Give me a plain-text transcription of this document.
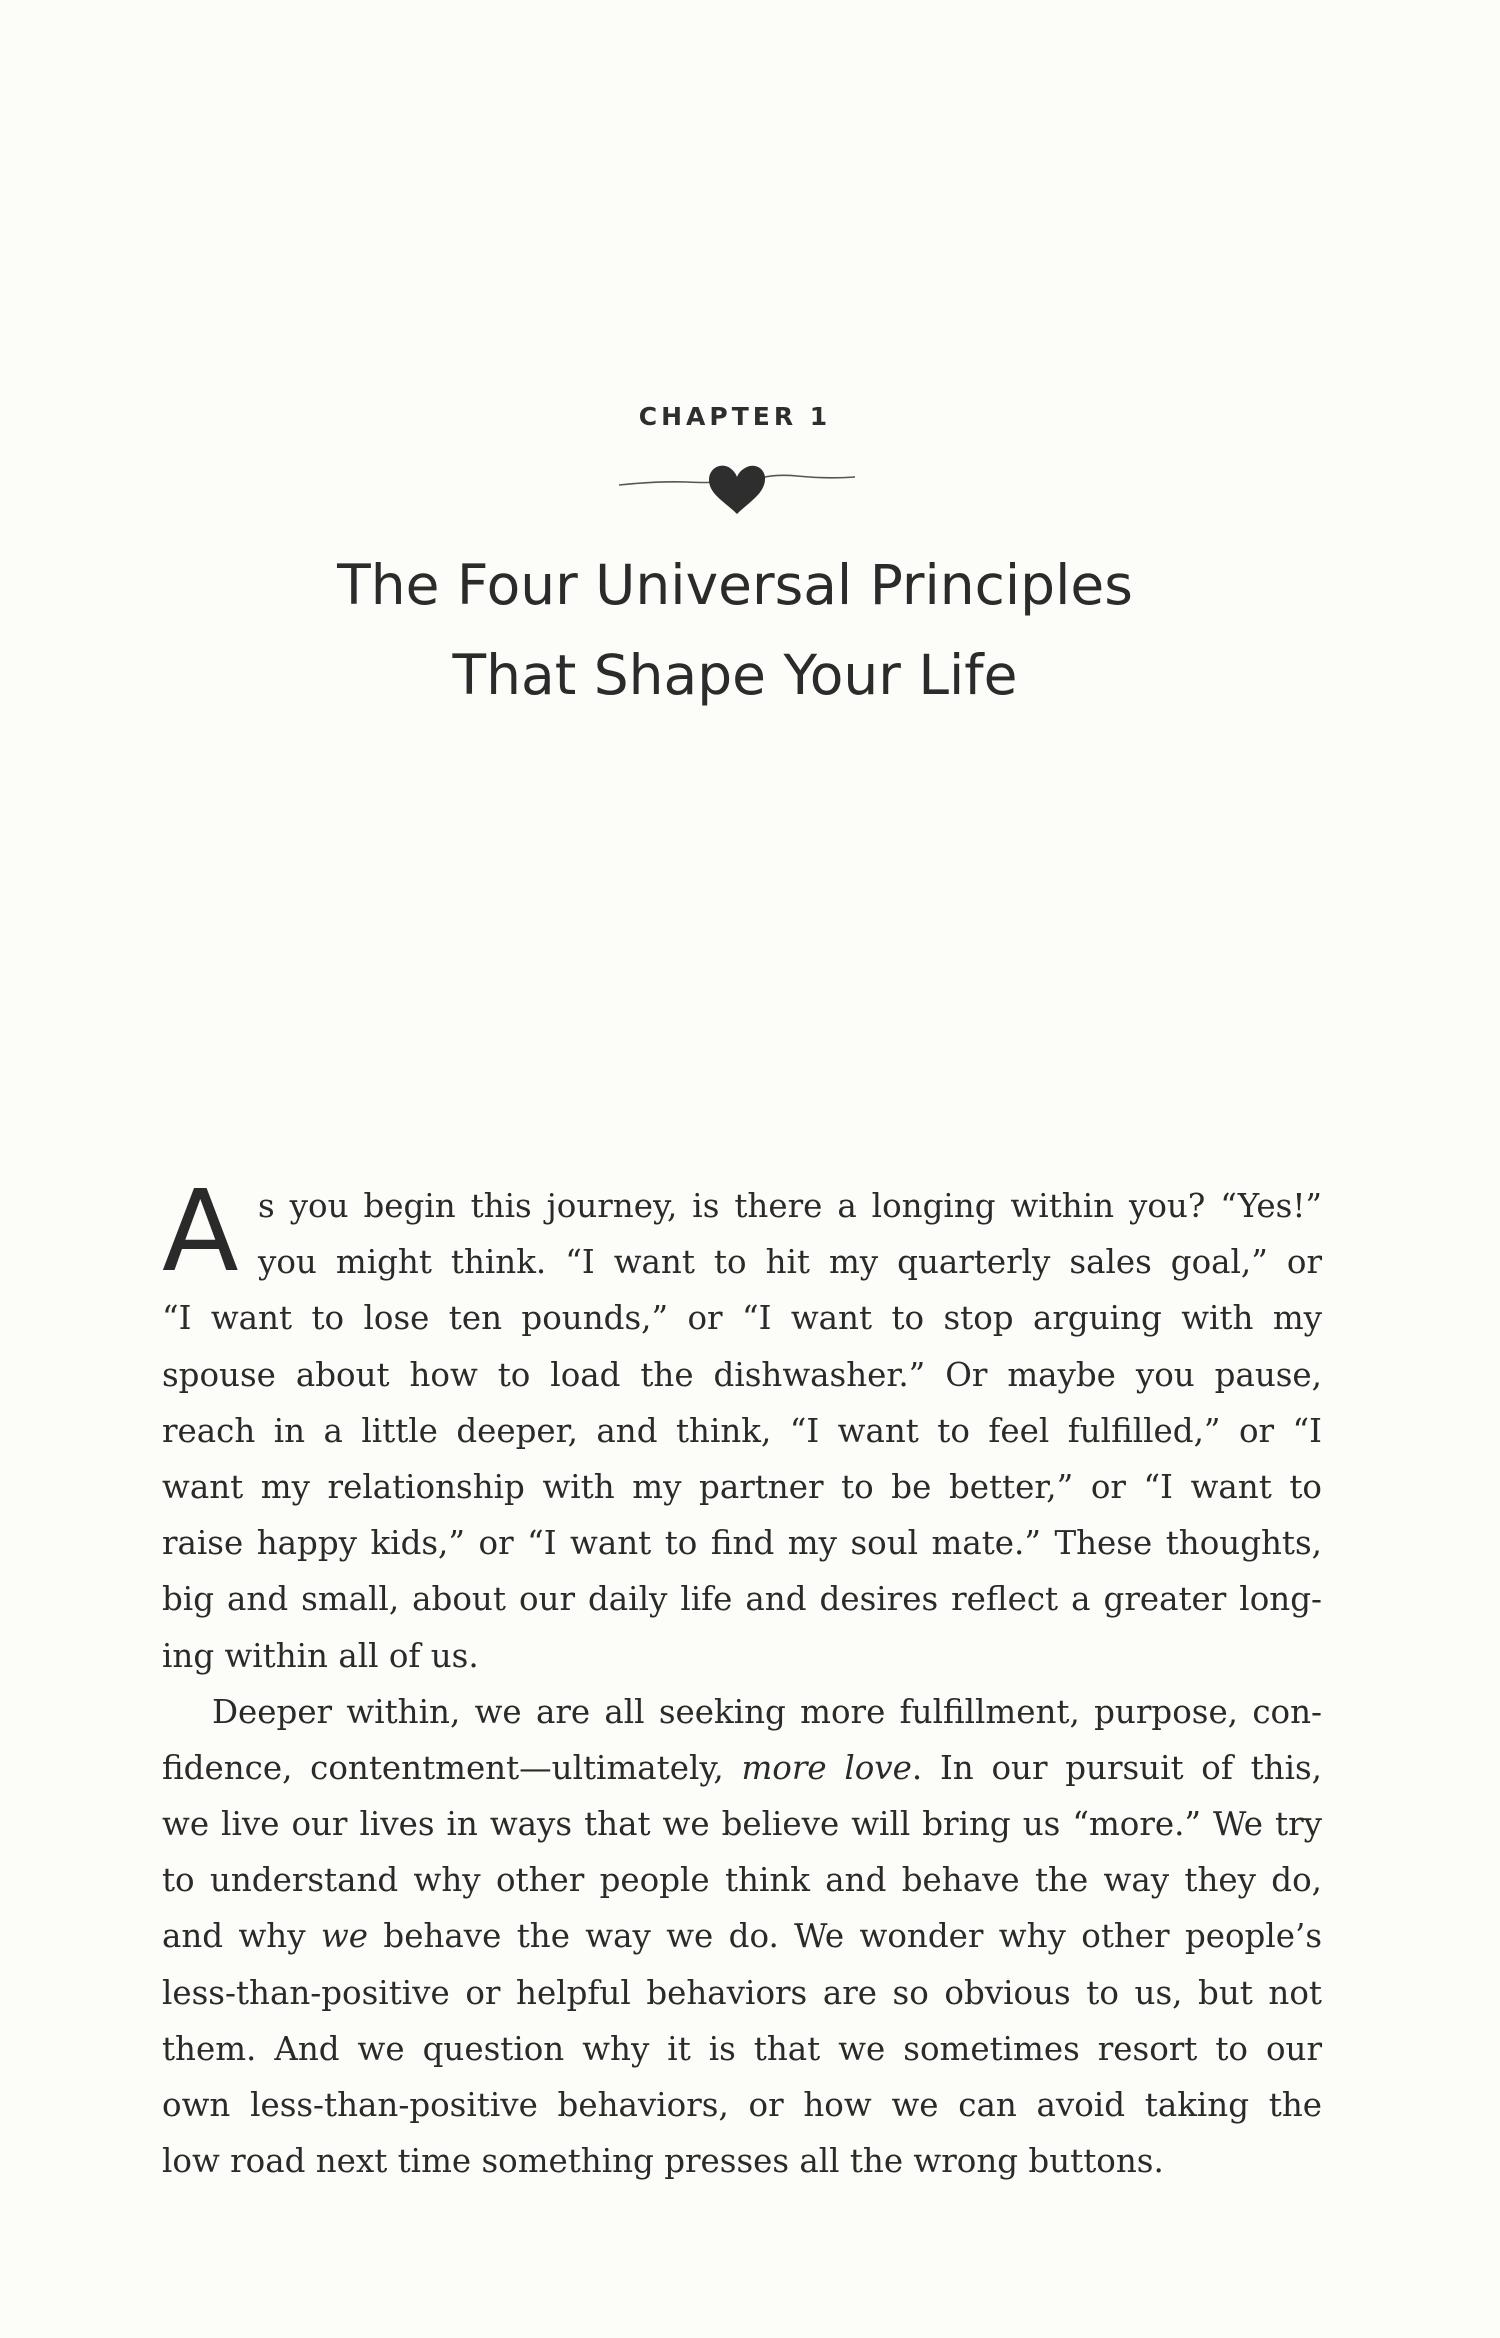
CHAPTER 1
The Four Universal Principles
That Shape Your Life
A s you begin this journey, is there a longing within you? “Yes!”
you might think. “I want to hit my quarterly sales goal,” or
“I want to lose ten pounds,” or “I want to stop arguing with my
spouse about how to load the dishwasher.” Or maybe you pause,
reach in a little deeper, and think, “I want to feel fulfilled,” or “I
want my relationship with my partner to be better,” or “I want to
raise happy kids,” or “I want to find my soul mate.” These thoughts,
big and small, about our daily life and desires reflect a greater long-
ing within all of us.
Deeper within, we are all seeking more fulfillment, purpose, con-
fidence, contentment—ultimately, more love. In our pursuit of this,
we live our lives in ways that we believe will bring us “more.” We try
to understand why other people think and behave the way they do,
and why we behave the way we do. We wonder why other people’s
less-than-positive or helpful behaviors are so obvious to us, but not
them. And we question why it is that we sometimes resort to our
own less-than-positive behaviors, or how we can avoid taking the
low road next time something presses all the wrong buttons.
